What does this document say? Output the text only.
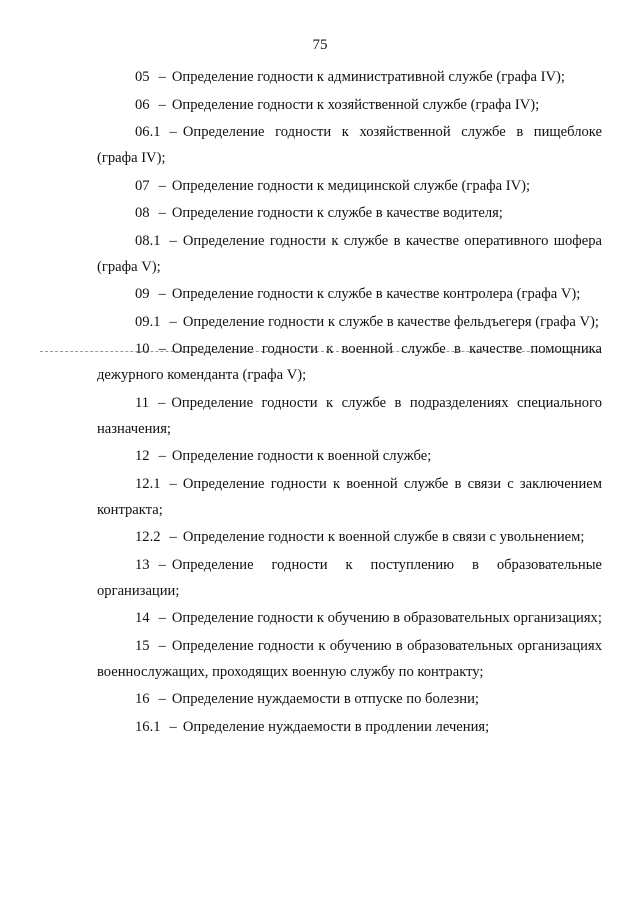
75
05 – Определение годности к административной службе (графа IV);
06 – Определение годности к хозяйственной службе (графа IV);
06.1 – Определение годности к хозяйственной службе в пищеблоке (графа IV);
07 – Определение годности к медицинской службе (графа IV);
08 – Определение годности к службе в качестве водителя;
08.1 – Определение годности к службе в качестве оперативного шофера (графа V);
09 – Определение годности к службе в качестве контролера (графа V);
09.1 – Определение годности к службе в качестве фельдъегеря (графа V);
10 – Определение годности к военной службе в качестве помощника дежурного коменданта (графа V);
11 – Определение годности к службе в подразделениях специального назначения;
12 – Определение годности к военной службе;
12.1 – Определение годности к военной службе в связи с заключением контракта;
12.2 – Определение годности к военной службе в связи с увольнением;
13 – Определение годности к поступлению в образовательные организации;
14 – Определение годности к обучению в образовательных организациях;
15 – Определение годности к обучению в образовательных организациях военнослужащих, проходящих военную службу по контракту;
16 – Определение нуждаемости в отпуске по болезни;
16.1 – Определение нуждаемости в продлении лечения;
